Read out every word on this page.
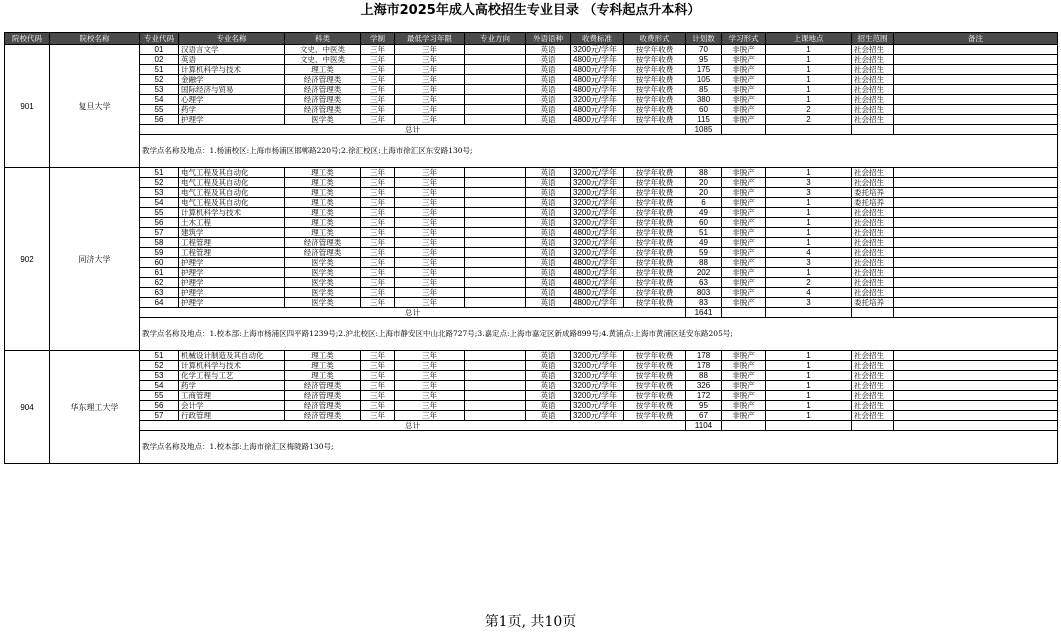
上海市2025年成人高校招生专业目录 （专科起点升本科）
院校代码	院校名称	专业代码	专业名称	科类	学制	最低学习年限	专业方向	外语语种	收费标准	收费形式	计划数	学习形式	上课地点	招生范围	备注
901	复旦大学	01	汉语言文学	文史、中医类	三年	三年		英语	3200元/学年	按学年收费	70	非脱产	1	社会招生	
		02	英语	文史、中医类	三年	三年		英语	4800元/学年	按学年收费	95	非脱产	1	社会招生	
		51	计算机科学与技术	理工类	三年	三年		英语	4800元/学年	按学年收费	175	非脱产	1	社会招生	
		52	金融学	经济管理类	三年	三年		英语	4800元/学年	按学年收费	105	非脱产	1	社会招生	
		53	国际经济与贸易	经济管理类	三年	三年		英语	4800元/学年	按学年收费	85	非脱产	1	社会招生	
		54	心理学	经济管理类	三年	三年		英语	3200元/学年	按学年收费	380	非脱产	1	社会招生	
		55	药学	经济管理类	三年	三年		英语	4800元/学年	按学年收费	60	非脱产	2	社会招生	
		56	护理学	医学类	三年	三年		英语	4800元/学年	按学年收费	115	非脱产	2	社会招生	
		总计									1085				
		教学点名称及地点：1.杨浦校区:上海市杨浦区邯郸路220号;2.徐汇校区:上海市徐汇区东安路130号;													
902	同济大学	51	电气工程及其自动化	理工类	三年	三年		英语	3200元/学年	按学年收费	88	非脱产	1	社会招生	
		52	电气工程及其自动化	理工类	三年	三年		英语	3200元/学年	按学年收费	20	非脱产	3	社会招生	
		53	电气工程及其自动化	理工类	三年	三年		英语	3200元/学年	按学年收费	20	非脱产	3	委托培养	
		54	电气工程及其自动化	理工类	三年	三年		英语	3200元/学年	按学年收费	6	非脱产	1	委托培养	
		55	计算机科学与技术	理工类	三年	三年		英语	3200元/学年	按学年收费	49	非脱产	1	社会招生	
		56	土木工程	理工类	三年	三年		英语	3200元/学年	按学年收费	60	非脱产	1	社会招生	
		57	建筑学	理工类	三年	三年		英语	4800元/学年	按学年收费	51	非脱产	1	社会招生	
		58	工程管理	经济管理类	三年	三年		英语	3200元/学年	按学年收费	49	非脱产	1	社会招生	
		59	工程管理	经济管理类	三年	三年		英语	3200元/学年	按学年收费	59	非脱产	4	社会招生	
		60	护理学	医学类	三年	三年		英语	4800元/学年	按学年收费	88	非脱产	3	社会招生	
		61	护理学	医学类	三年	三年		英语	4800元/学年	按学年收费	202	非脱产	1	社会招生	
		62	护理学	医学类	三年	三年		英语	4800元/学年	按学年收费	63	非脱产	2	社会招生	
		63	护理学	医学类	三年	三年		英语	4800元/学年	按学年收费	803	非脱产	4	社会招生	
		64	护理学	医学类	三年	三年		英语	4800元/学年	按学年收费	83	非脱产	3	委托培养	
		总计									1641				
		教学点名称及地点：1.校本部:上海市杨浦区四平路1239号;2.沪北校区:上海市静安区中山北路727号;3.嘉定点:上海市嘉定区新成路899号;4.黄浦点:上海市黄浦区延安东路205号;													
904	华东理工大学	51	机械设计制造及其自动化	理工类	三年	三年		英语	3200元/学年	按学年收费	178	非脱产	1	社会招生	
		52	计算机科学与技术	理工类	三年	三年		英语	3200元/学年	按学年收费	178	非脱产	1	社会招生	
		53	化学工程与工艺	理工类	三年	三年		英语	3200元/学年	按学年收费	88	非脱产	1	社会招生	
		54	药学	经济管理类	三年	三年		英语	3200元/学年	按学年收费	326	非脱产	1	社会招生	
		55	工商管理	经济管理类	三年	三年		英语	3200元/学年	按学年收费	172	非脱产	1	社会招生	
		56	会计学	经济管理类	三年	三年		英语	3200元/学年	按学年收费	95	非脱产	1	社会招生	
		57	行政管理	经济管理类	三年	三年		英语	3200元/学年	按学年收费	67	非脱产	1	社会招生	
		总计									1104				
		教学点名称及地点：1.校本部:上海市徐汇区梅陇路130号;													
第1页, 共10页
